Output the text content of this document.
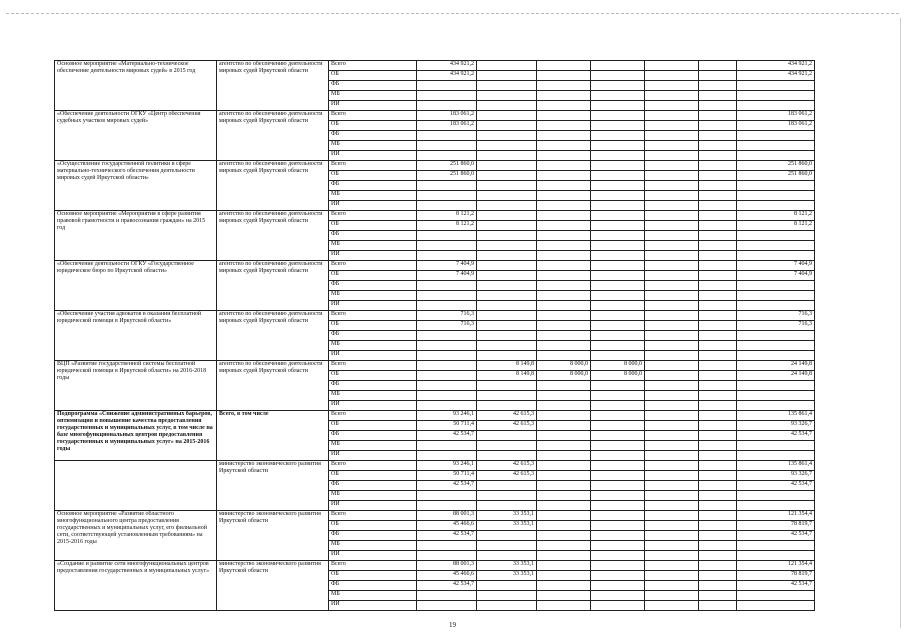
Основное мероприятие «Материально-техническое обеспечение деятельности мировых судей» в 2015 год	агентство по обеспечению деятельности мировых судей Иркутской области	Всего	434 921,2						434 921,2
		ОБ	434 921,2						434 921,2
		ФБ							
		МБ							
		ИИ							
«Обеспечение деятельности ОГКУ «Центр обеспечения судебных участков мировых судей»	агентство по обеспечению деятельности мировых судей Иркутской области	Всего	183 061,2						183 061,2
		ОБ	183 061,2						183 061,2
		ФБ							
		МБ							
		ИИ							
«Осуществление государственной политики в сфере материально-технического обеспечения деятельности мировых судей Иркутской области»	агентство по обеспечению деятельности мировых судей Иркутской области	Всего	251 860,0						251 860,0
		ОБ	251 860,0						251 860,0
		ФБ							
		МБ							
		ИИ							
Основное мероприятие «Мероприятия в сфере развития правовой грамотности и правосознания граждан» на 2015 год	агентство по обеспечению деятельности мировых судей Иркутской области	Всего	8 121,2						8 121,2
		ОБ	8 121,2						8 121,2
		ФБ							
		МБ							
		ИИ							
«Обеспечение деятельности ОГКУ «Государственное юридическое бюро по Иркутской области»	агентство по обеспечению деятельности мировых судей Иркутской области	Всего	7 404,9						7 404,9
		ОБ	7 404,9						7 404,9
		ФБ							
		МБ							
		ИИ							
«Обеспечение участия адвокатов в оказании бесплатной юридической помощи в Иркутской области»	агентство по обеспечению деятельности мировых судей Иркутской области	Всего	716,3						716,3
		ОБ	716,3						716,3
		ФБ							
		МБ							
		ИИ							
ВЦП «Развитие государственной системы бесплатной юридической помощи в Иркутской области» на 2016-2018 годы	агентство по обеспечению деятельности мировых судей Иркутской области	Всего		8 149,8	8 000,0	8 000,0			24 149,8
		ОБ		8 149,8	8 000,0	8 000,0			24 149,8
		ФБ							
		МБ							
		ИИ							
Подпрограмма «Снижение административных барьеров, оптимизация и повышение качества предоставления государственных и муниципальных услуг, в том числе на базе многофункциональных центров предоставления государственных и муниципальных услуг» на 2015-2016 годы	Всего, в том числе	Всего	93 246,1	42 615,3					135 861,4
		ОБ	50 711,4	42 615,3					93 326,7
		ФБ	42 534,7						42 534,7
		МБ							
		ИИ							
	министерство экономического развития Иркутской области	Всего	93 246,1	42 615,3					135 861,4
		ОБ	50 711,4	42 615,3					93 326,7
		ФБ	42 534,7						42 534,7
		МБ							
		ИИ							
Основное мероприятие «Развитие областного многофункционального центра предоставления государственных и муниципальных услуг, его филиальной сети, соответствующей установленным требованиям» на 2015-2016 годы	министерство экономического развития Иркутской области	Всего	88 001,3	33 353,1					121 354,4
		ОБ	45 466,6	33 353,1					78 819,7
		ФБ	42 534,7						42 534,7
		МБ							
		ИИ							
«Создание и развитие сети многофункциональных центров предоставления государственных и муниципальных услуг»	министерство экономического развития Иркутской области	Всего	88 001,3	33 353,1					121 354,4
		ОБ	45 466,6	33 353,1					78 819,7
		ФБ	42 534,7						42 534,7
		МБ							
		ИИ							
19
